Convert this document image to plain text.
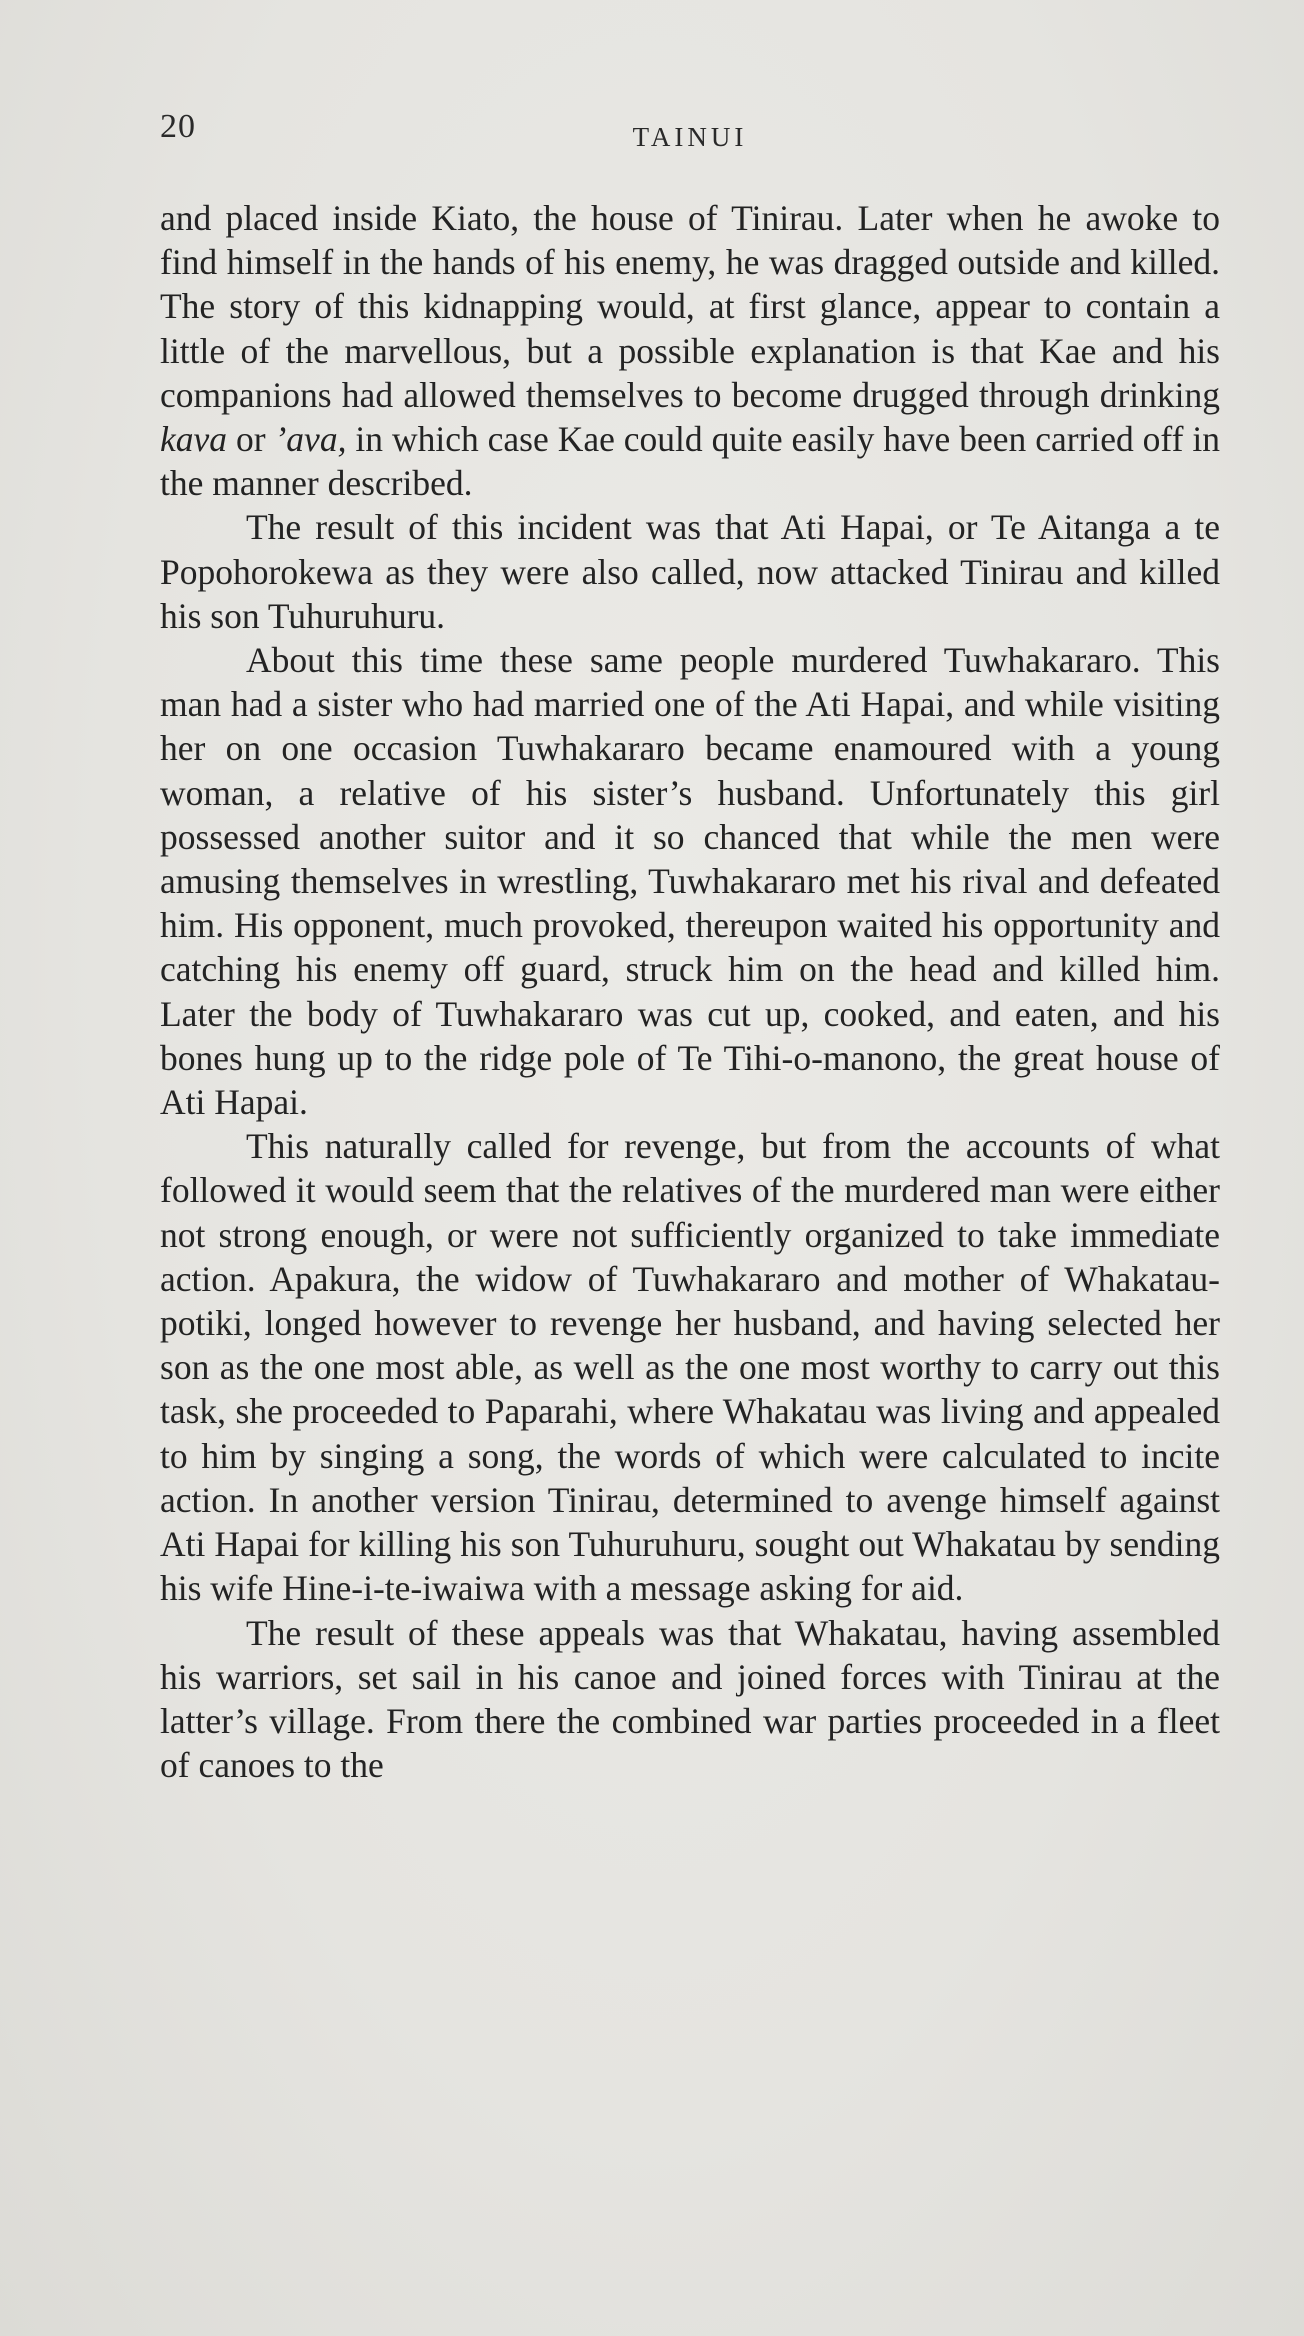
20	TAINUI

and placed inside Kiato, the house of Tinirau. Later when he awoke to find himself in the hands of his enemy, he was dragged outside and killed. The story of this kidnapping would, at first glance, appear to contain a little of the marvellous, but a possible explanation is that Kae and his companions had allowed themselves to become drugged through drinking kava or ’ava, in which case Kae could quite easily have been carried off in the manner described.

The result of this incident was that Ati Hapai, or Te Aitanga a te Popohorokewa as they were also called, now attacked Tinirau and killed his son Tuhuruhuru.

About this time these same people murdered Tuwhakararo. This man had a sister who had married one of the Ati Hapai, and while visiting her on one occasion Tuwhakararo became enamoured with a young woman, a relative of his sister’s husband. Unfortunately this girl possessed another suitor and it so chanced that while the men were amusing themselves in wrestling, Tuwhakararo met his rival and defeated him. His opponent, much provoked, thereupon waited his opportunity and catching his enemy off guard, struck him on the head and killed him. Later the body of Tuwhakararo was cut up, cooked, and eaten, and his bones hung up to the ridge pole of Te Tihi-o-manono, the great house of Ati Hapai.

This naturally called for revenge, but from the accounts of what followed it would seem that the relatives of the murdered man were either not strong enough, or were not sufficiently organized to take immediate action. Apakura, the widow of Tuwhakararo and mother of Whakatau-potiki, longed however to revenge her husband, and having selected her son as the one most able, as well as the one most worthy to carry out this task, she proceeded to Paparahi, where Whakatau was living and appealed to him by singing a song, the words of which were calculated to incite action. In another version Tinirau, determined to avenge himself against Ati Hapai for killing his son Tuhuruhuru, sought out Whakatau by sending his wife Hine-i-te-iwaiwa with a message asking for aid.

The result of these appeals was that Whakatau, having assembled his warriors, set sail in his canoe and joined forces with Tinirau at the latter’s village. From there the combined war parties proceeded in a fleet of canoes to the
